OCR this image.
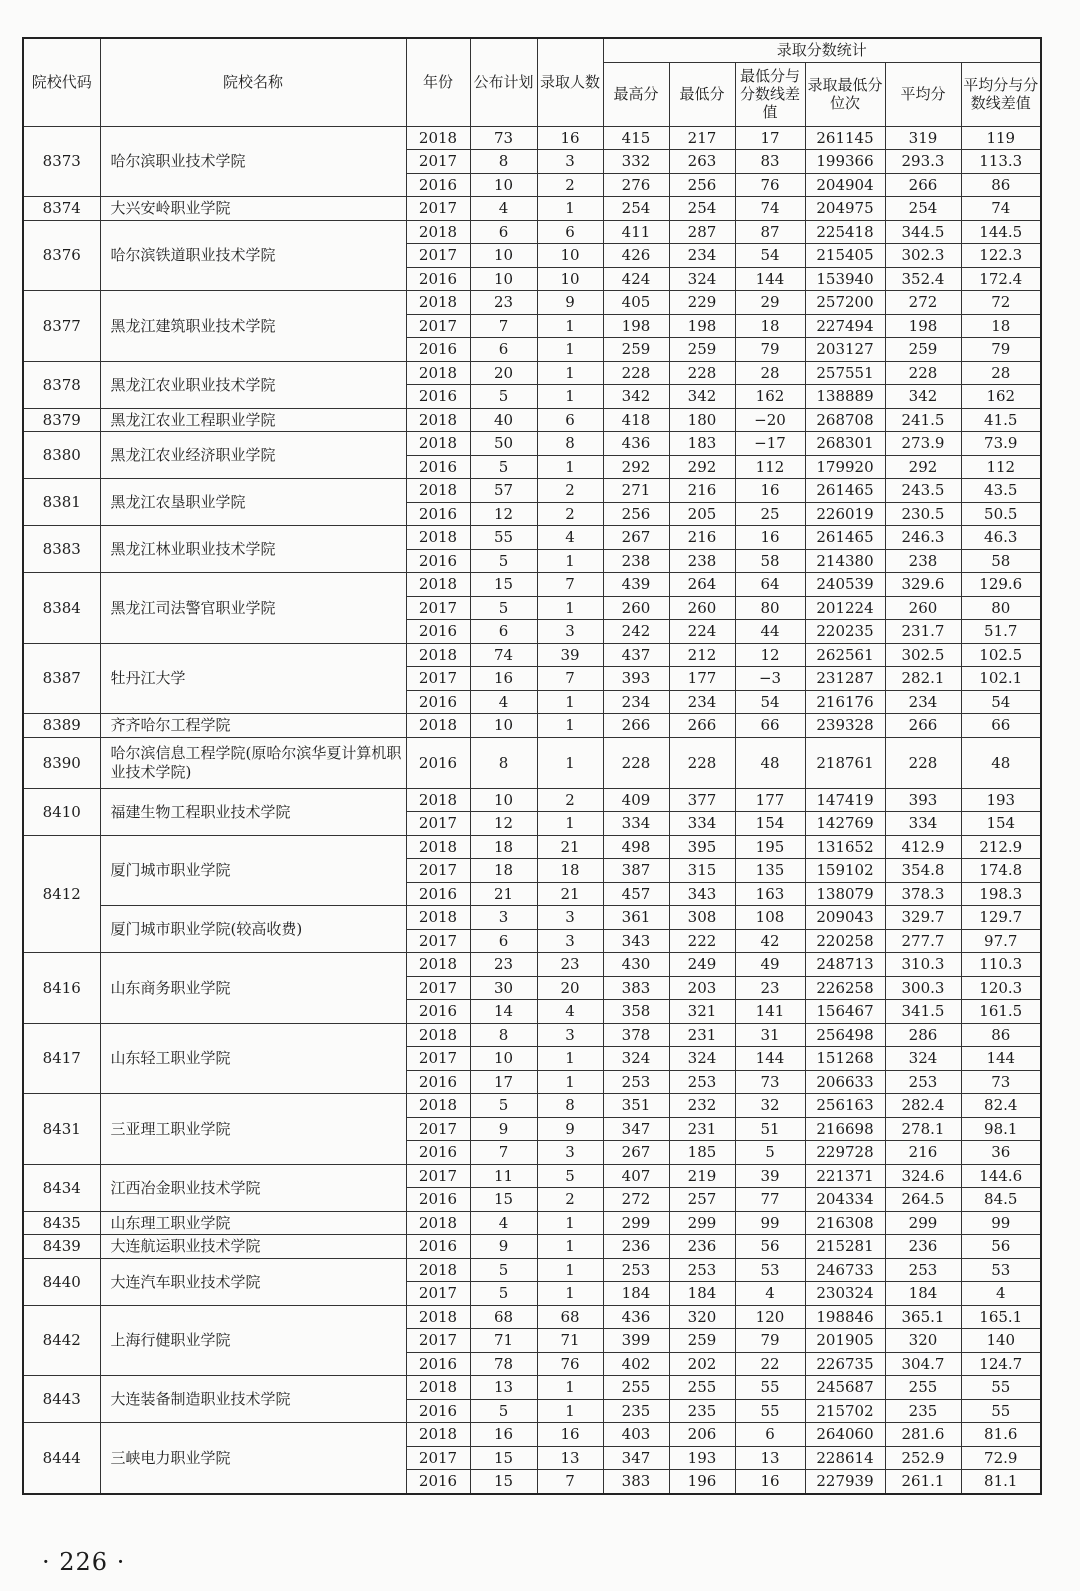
院校代码	院校名称	年份	公布计划	录取人数	录取分数统计					
					最高分	最低分	最低分与分数线差值	录取最低分位次	平均分	平均分与分数线差值
8373	哈尔滨职业技术学院	2018	73	16	415	217	17	261145	319	119
		2017	8	3	332	263	83	199366	293.3	113.3
		2016	10	2	276	256	76	204904	266	86
8374	大兴安岭职业学院	2017	4	1	254	254	74	204975	254	74
8376	哈尔滨铁道职业技术学院	2018	6	6	411	287	87	225418	344.5	144.5
		2017	10	10	426	234	54	215405	302.3	122.3
		2016	10	10	424	324	144	153940	352.4	172.4
8377	黑龙江建筑职业技术学院	2018	23	9	405	229	29	257200	272	72
		2017	7	1	198	198	18	227494	198	18
		2016	6	1	259	259	79	203127	259	79
8378	黑龙江农业职业技术学院	2018	20	1	228	228	28	257551	228	28
		2016	5	1	342	342	162	138889	342	162
8379	黑龙江农业工程职业学院	2018	40	6	418	180	−20	268708	241.5	41.5
8380	黑龙江农业经济职业学院	2018	50	8	436	183	−17	268301	273.9	73.9
		2016	5	1	292	292	112	179920	292	112
8381	黑龙江农垦职业学院	2018	57	2	271	216	16	261465	243.5	43.5
		2016	12	2	256	205	25	226019	230.5	50.5
8383	黑龙江林业职业技术学院	2018	55	4	267	216	16	261465	246.3	46.3
		2016	5	1	238	238	58	214380	238	58
8384	黑龙江司法警官职业学院	2018	15	7	439	264	64	240539	329.6	129.6
		2017	5	1	260	260	80	201224	260	80
		2016	6	3	242	224	44	220235	231.7	51.7
8387	牡丹江大学	2018	74	39	437	212	12	262561	302.5	102.5
		2017	16	7	393	177	−3	231287	282.1	102.1
		2016	4	1	234	234	54	216176	234	54
8389	齐齐哈尔工程学院	2018	10	1	266	266	66	239328	266	66
8390	哈尔滨信息工程学院(原哈尔滨华夏计算机职业技术学院)	2016	8	1	228	228	48	218761	228	48
8410	福建生物工程职业技术学院	2018	10	2	409	377	177	147419	393	193
		2017	12	1	334	334	154	142769	334	154
8412	厦门城市职业学院	2018	18	21	498	395	195	131652	412.9	212.9
		2017	18	18	387	315	135	159102	354.8	174.8
		2016	21	21	457	343	163	138079	378.3	198.3
	厦门城市职业学院(较高收费)	2018	3	3	361	308	108	209043	329.7	129.7
		2017	6	3	343	222	42	220258	277.7	97.7
8416	山东商务职业学院	2018	23	23	430	249	49	248713	310.3	110.3
		2017	30	20	383	203	23	226258	300.3	120.3
		2016	14	4	358	321	141	156467	341.5	161.5
8417	山东轻工职业学院	2018	8	3	378	231	31	256498	286	86
		2017	10	1	324	324	144	151268	324	144
		2016	17	1	253	253	73	206633	253	73
8431	三亚理工职业学院	2018	5	8	351	232	32	256163	282.4	82.4
		2017	9	9	347	231	51	216698	278.1	98.1
		2016	7	3	267	185	5	229728	216	36
8434	江西冶金职业技术学院	2017	11	5	407	219	39	221371	324.6	144.6
		2016	15	2	272	257	77	204334	264.5	84.5
8435	山东理工职业学院	2018	4	1	299	299	99	216308	299	99
8439	大连航运职业技术学院	2016	9	1	236	236	56	215281	236	56
8440	大连汽车职业技术学院	2018	5	1	253	253	53	246733	253	53
		2017	5	1	184	184	4	230324	184	4
8442	上海行健职业学院	2018	68	68	436	320	120	198846	365.1	165.1
		2017	71	71	399	259	79	201905	320	140
		2016	78	76	402	202	22	226735	304.7	124.7
8443	大连装备制造职业技术学院	2018	13	1	255	255	55	245687	255	55
		2016	5	1	235	235	55	215702	235	55
8444	三峡电力职业学院	2018	16	16	403	206	6	264060	281.6	81.6
		2017	15	13	347	193	13	228614	252.9	72.9
		2016	15	7	383	196	16	227939	261.1	81.1
· 226 ·
